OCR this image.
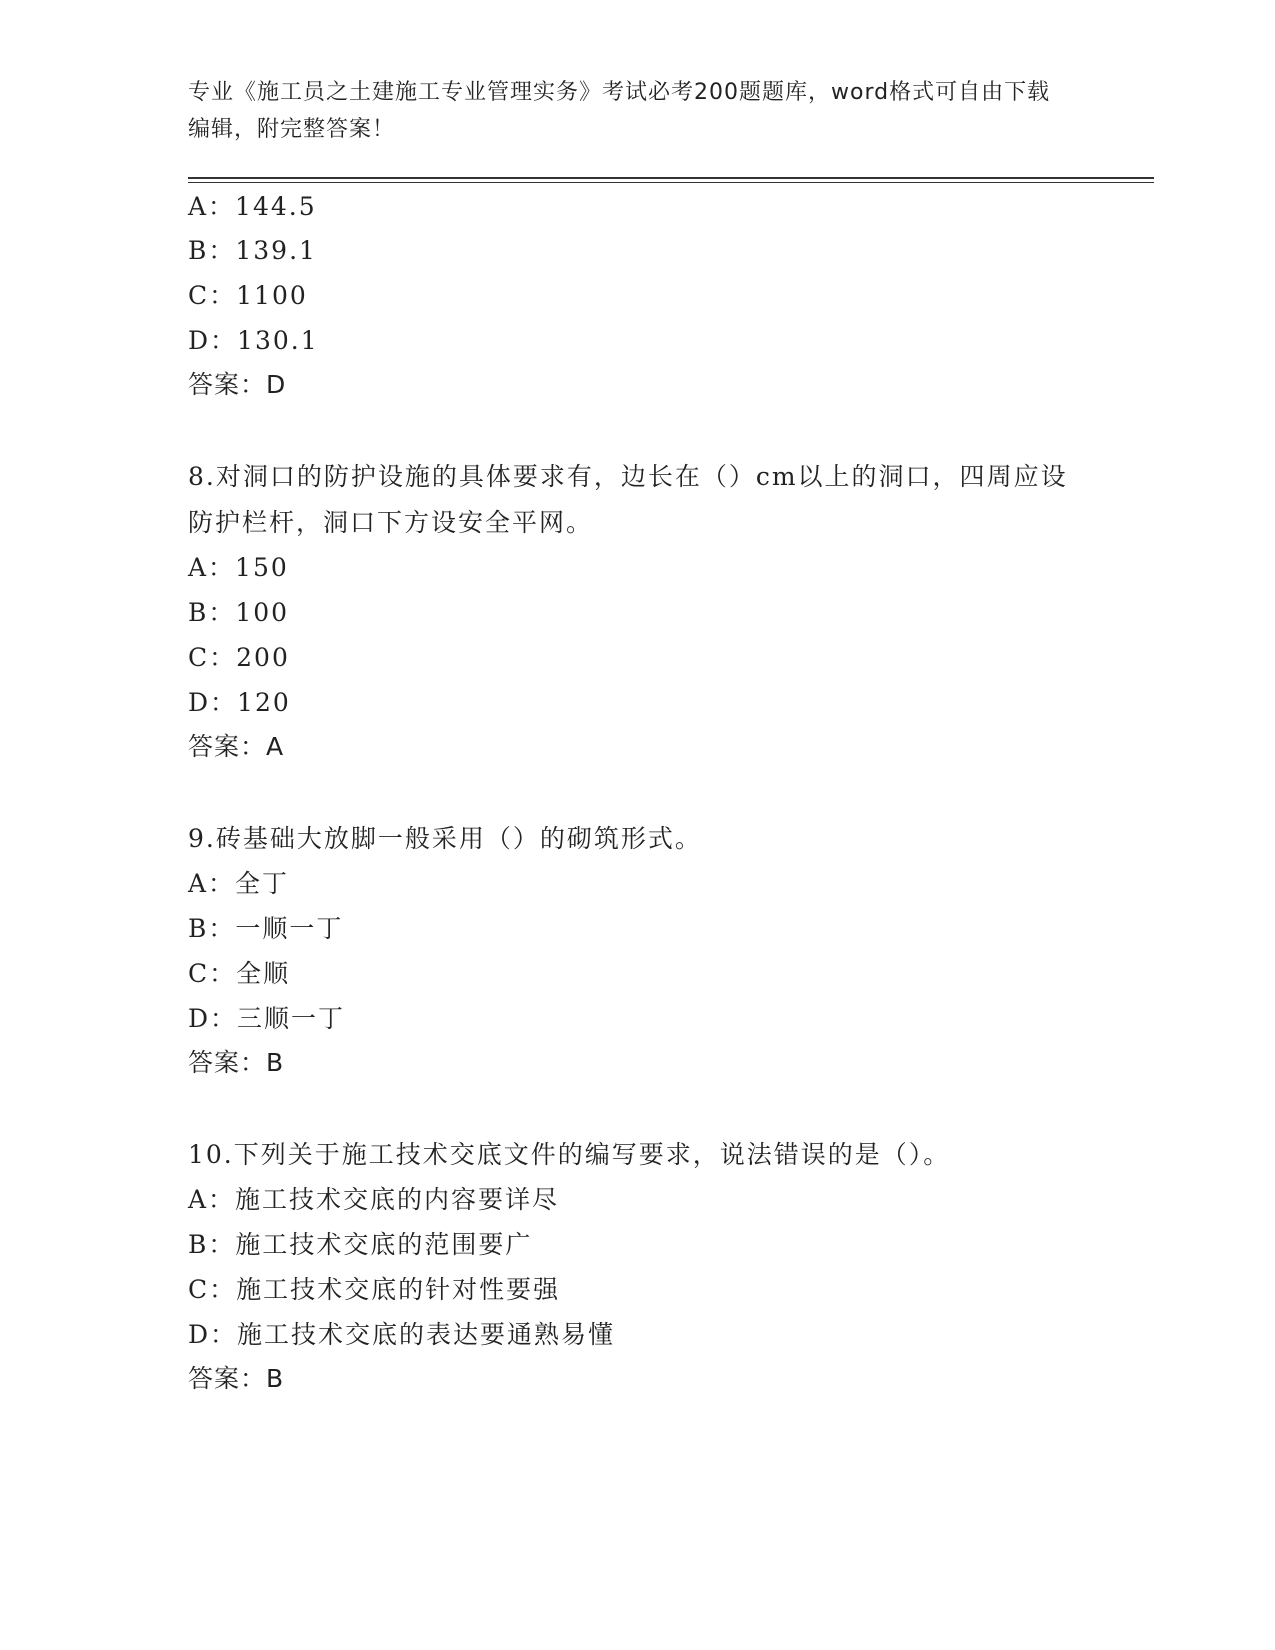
专业《施工员之土建施工专业管理实务》考试必考200题题库，word格式可自由下载编辑，附完整答案！
A：144.5
B：139.1
C：1100
D：130.1
答案：D
8.对洞口的防护设施的具体要求有，边长在（）cm以上的洞口，四周应设防护栏杆，洞口下方设安全平网。
A：150
B：100
C：200
D：120
答案：A
9.砖基础大放脚一般采用（）的砌筑形式。
A：全丁
B：一顺一丁
C：全顺
D：三顺一丁
答案：B
10.下列关于施工技术交底文件的编写要求，说法错误的是（）。
A：施工技术交底的内容要详尽
B：施工技术交底的范围要广
C：施工技术交底的针对性要强
D：施工技术交底的表达要通熟易懂
答案：B
